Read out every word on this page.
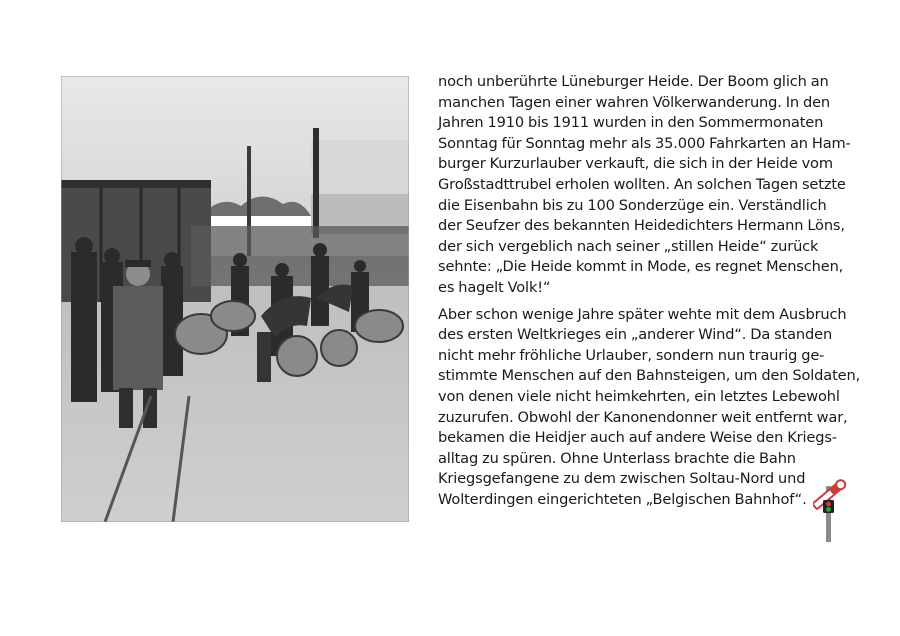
noch unberührte Lüneburger Heide. Der Boom glich an
manchen Tagen einer wahren Völkerwanderung. In den
Jahren 1910 bis 1911 wurden in den Sommermonaten
Sonntag für Sonntag mehr als 35.000 Fahrkarten an Ham-
burger Kurzurlauber verkauft, die sich in der Heide vom
Großstadttrubel erholen wollten. An solchen Tagen setzte
die Eisenbahn bis zu 100 Sonderzüge ein. Verständlich
der Seufzer des bekannten Heidedichters Hermann Löns,
der sich vergeblich nach seiner „stillen Heide“ zurück
sehnte: „Die Heide kommt in Mode, es regnet Menschen,
es hagelt Volk!“

Aber schon wenige Jahre später wehte mit dem Ausbruch
des ersten Weltkrieges ein „anderer Wind“. Da standen
nicht mehr fröhliche Urlauber, sondern nun traurig ge-
stimmte Menschen auf den Bahnsteigen, um den Soldaten,
von denen viele nicht heimkehrten, ein letztes Lebewohl
zuzurufen. Obwohl der Kanonendonner weit entfernt war,
bekamen die Heidjer auch auf andere Weise den Kriegs-
alltag zu spüren. Ohne Unterlass brachte die Bahn
Kriegsgefangene zu dem zwischen Soltau-Nord und
Wolterdingen eingerichteten „Belgischen Bahnhof“.
